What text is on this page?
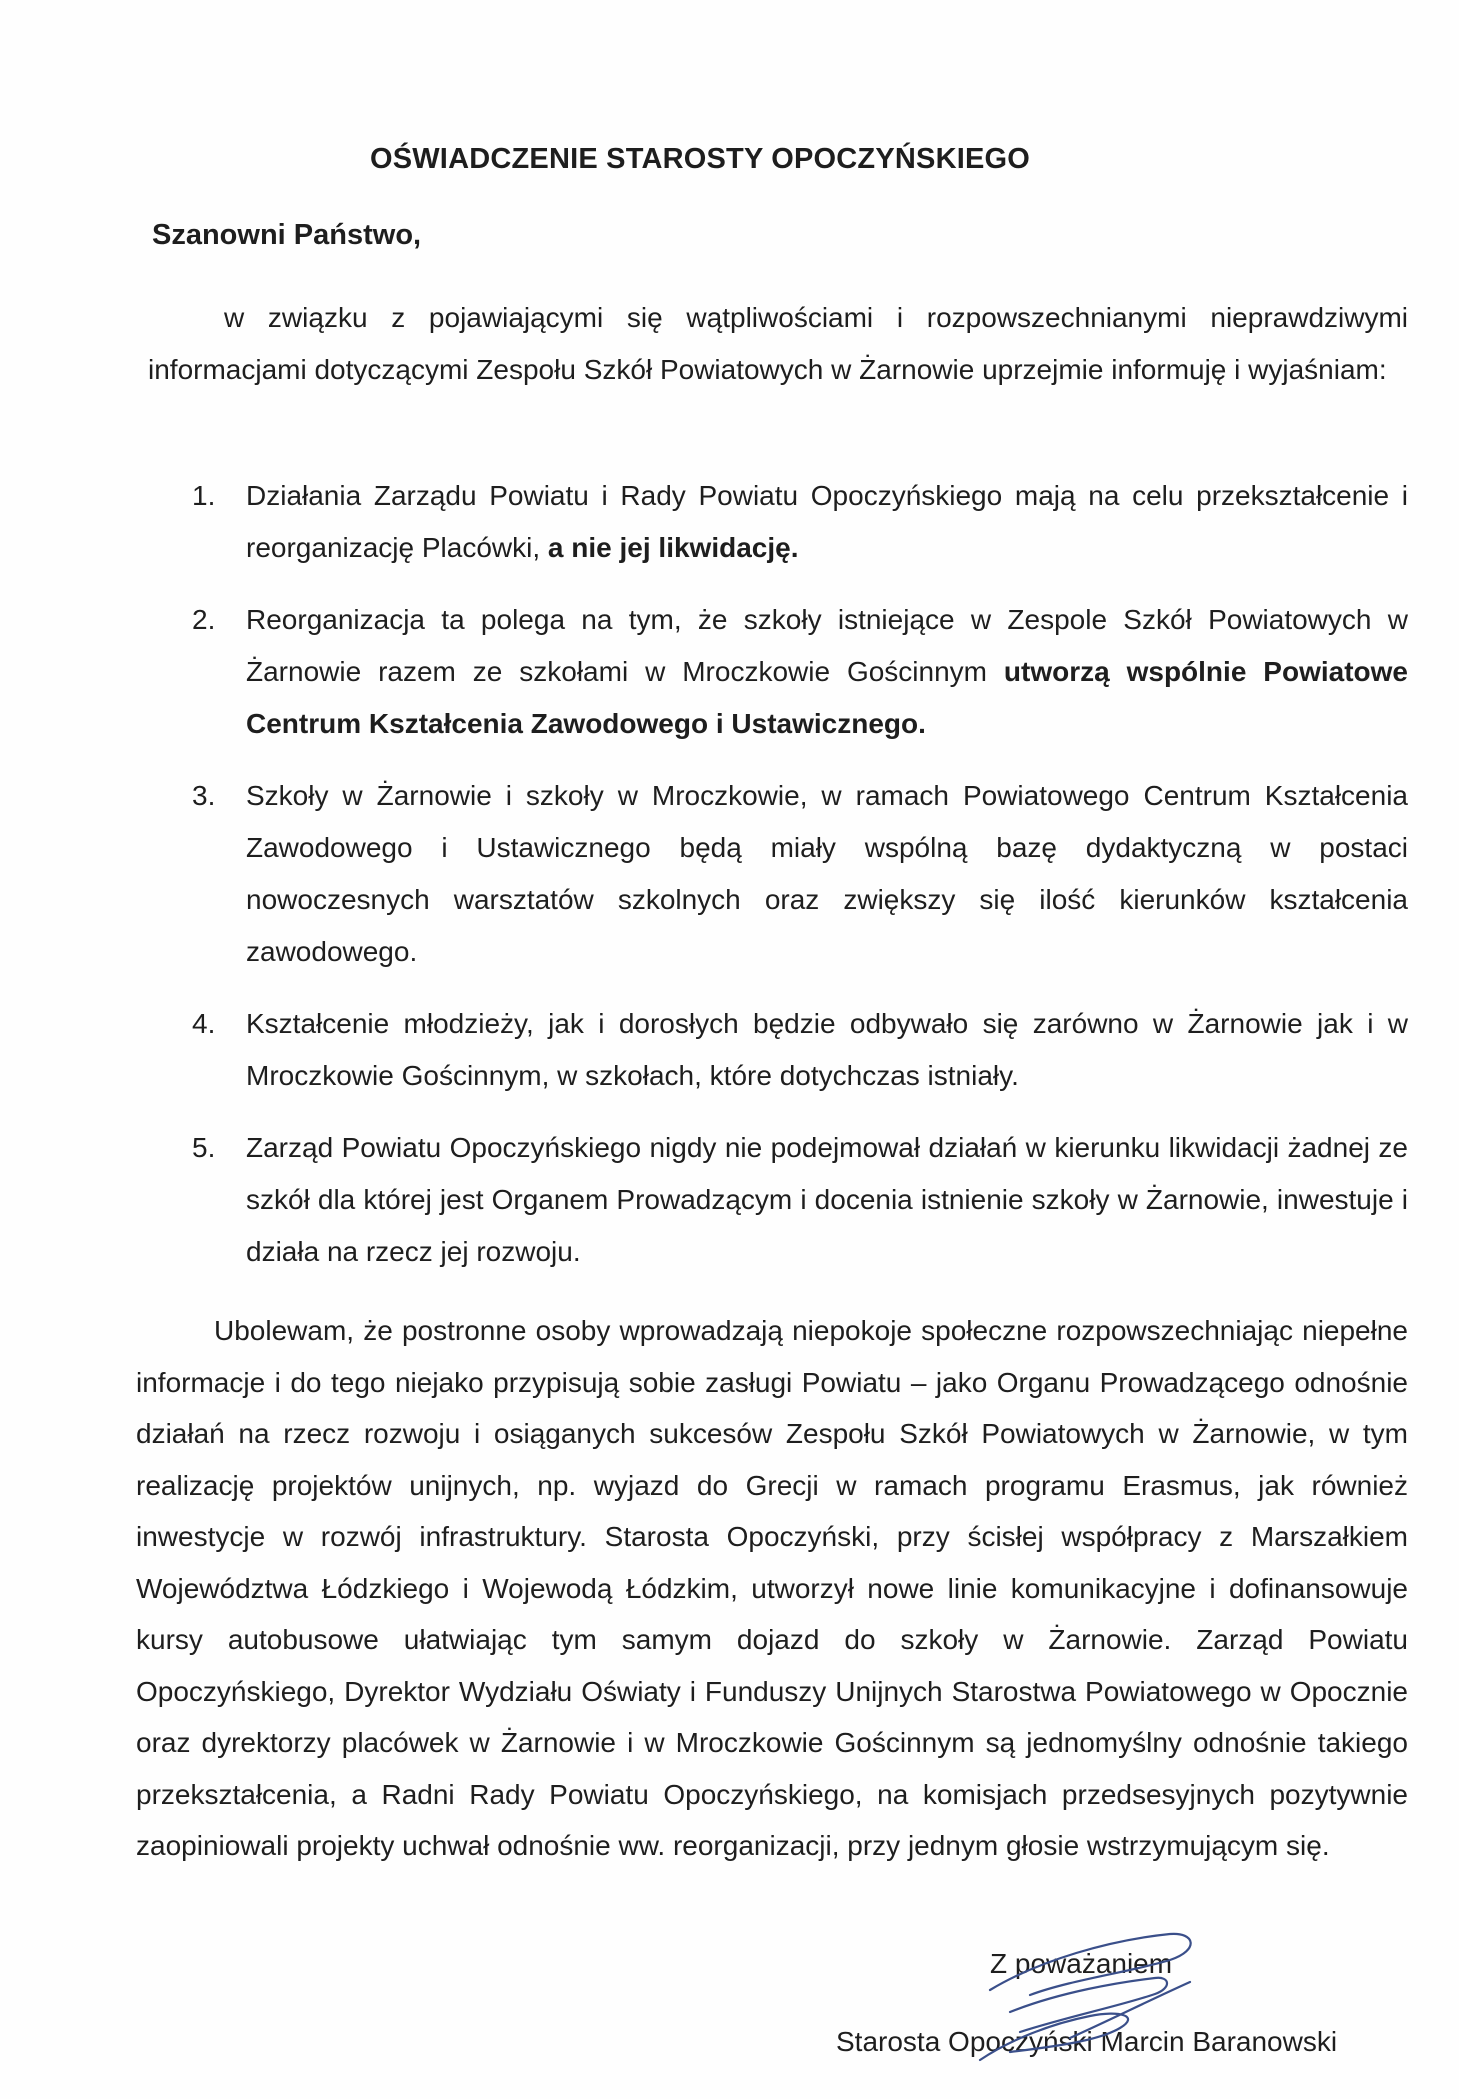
OŚWIADCZENIE STAROSTY OPOCZYŃSKIEGO
Szanowni Państwo,
w związku z pojawiającymi się wątpliwościami i rozpowszechnianymi nieprawdziwymi informacjami dotyczącymi Zespołu Szkół Powiatowych w Żarnowie uprzejmie informuję i wyjaśniam:
1. Działania Zarządu Powiatu i Rady Powiatu Opoczyńskiego mają na celu przekształcenie i reorganizację Placówki, a nie jej likwidację.
2. Reorganizacja ta polega na tym, że szkoły istniejące w Zespole Szkół Powiatowych w Żarnowie razem ze szkołami w Mroczkowie Gościnnym utworzą wspólnie Powiatowe Centrum Kształcenia Zawodowego i Ustawicznego.
3. Szkoły w Żarnowie i szkoły w Mroczkowie, w ramach Powiatowego Centrum Kształcenia Zawodowego i Ustawicznego będą miały wspólną bazę dydaktyczną w postaci nowoczesnych warsztatów szkolnych oraz zwiększy się ilość kierunków kształcenia zawodowego.
4. Kształcenie młodzieży, jak i dorosłych będzie odbywało się zarówno w Żarnowie jak i w Mroczkowie Gościnnym, w szkołach, które dotychczas istniały.
5. Zarząd Powiatu Opoczyńskiego nigdy nie podejmował działań w kierunku likwidacji żadnej ze szkół dla której jest Organem Prowadzącym i docenia istnienie szkoły w Żarnowie, inwestuje i działa na rzecz jej rozwoju.
Ubolewam, że postronne osoby wprowadzają niepokoje społeczne rozpowszechniając niepełne informacje i do tego niejako przypisują sobie zasługi Powiatu – jako Organu Prowadzącego odnośnie działań na rzecz rozwoju i osiąganych sukcesów Zespołu Szkół Powiatowych w Żarnowie, w tym realizację projektów unijnych, np. wyjazd do Grecji w ramach programu Erasmus, jak również inwestycje w rozwój infrastruktury. Starosta Opoczyński, przy ścisłej współpracy z Marszałkiem Województwa Łódzkiego i Wojewodą Łódzkim, utworzył nowe linie komunikacyjne i dofinansowuje kursy autobusowe ułatwiając tym samym dojazd do szkoły w Żarnowie. Zarząd Powiatu Opoczyńskiego, Dyrektor Wydziału Oświaty i Funduszy Unijnych Starostwa Powiatowego w Opocznie oraz dyrektorzy placówek w Żarnowie i w Mroczkowie Gościnnym są jednomyślny odnośnie takiego przekształcenia, a Radni Rady Powiatu Opoczyńskiego, na komisjach przedsesyjnych pozytywnie zaopiniowali projekty uchwał odnośnie ww. reorganizacji, przy jednym głosie wstrzymującym się.
Z poważaniem
Starosta Opoczyński Marcin Baranowski
